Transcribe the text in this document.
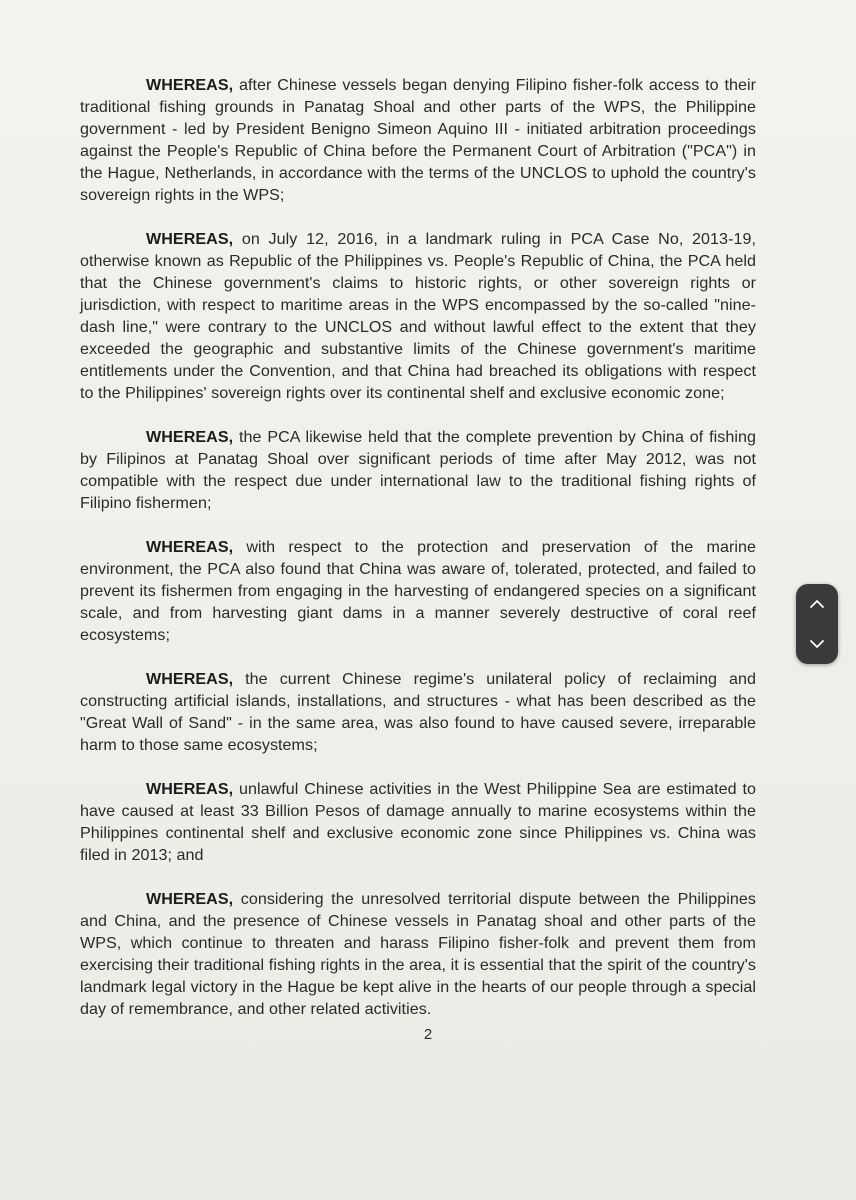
WHEREAS, after Chinese vessels began denying Filipino fisher-folk access to their traditional fishing grounds in Panatag Shoal and other parts of the WPS, the Philippine government - led by President Benigno Simeon Aquino III - initiated arbitration proceedings against the People's Republic of China before the Permanent Court of Arbitration ("PCA") in the Hague, Netherlands, in accordance with the terms of the UNCLOS to uphold the country's sovereign rights in the WPS;

WHEREAS, on July 12, 2016, in a landmark ruling in PCA Case No, 2013-19, otherwise known as Republic of the Philippines vs. People's Republic of China, the PCA held that the Chinese government's claims to historic rights, or other sovereign rights or jurisdiction, with respect to maritime areas in the WPS encompassed by the so-called "nine-dash line," were contrary to the UNCLOS and without lawful effect to the extent that they exceeded the geographic and substantive limits of the Chinese government's maritime entitlements under the Convention, and that China had breached its obligations with respect to the Philippines' sovereign rights over its continental shelf and exclusive economic zone;

WHEREAS, the PCA likewise held that the complete prevention by China of fishing by Filipinos at Panatag Shoal over significant periods of time after May 2012, was not compatible with the respect due under international law to the traditional fishing rights of Filipino fishermen;

WHEREAS, with respect to the protection and preservation of the marine environment, the PCA also found that China was aware of, tolerated, protected, and failed to prevent its fishermen from engaging in the harvesting of endangered species on a significant scale, and from harvesting giant dams in a manner severely destructive of coral reef ecosystems;

WHEREAS, the current Chinese regime's unilateral policy of reclaiming and constructing artificial islands, installations, and structures - what has been described as the "Great Wall of Sand" - in the same area, was also found to have caused severe, irreparable harm to those same ecosystems;

WHEREAS, unlawful Chinese activities in the West Philippine Sea are estimated to have caused at least 33 Billion Pesos of damage annually to marine ecosystems within the Philippines continental shelf and exclusive economic zone since Philippines vs. China was filed in 2013; and

WHEREAS, considering the unresolved territorial dispute between the Philippines and China, and the presence of Chinese vessels in Panatag shoal and other parts of the WPS, which continue to threaten and harass Filipino fisher-folk and prevent them from exercising their traditional fishing rights in the area, it is essential that the spirit of the country's landmark legal victory in the Hague be kept alive in the hearts of our people through a special day of remembrance, and other related activities.

2
